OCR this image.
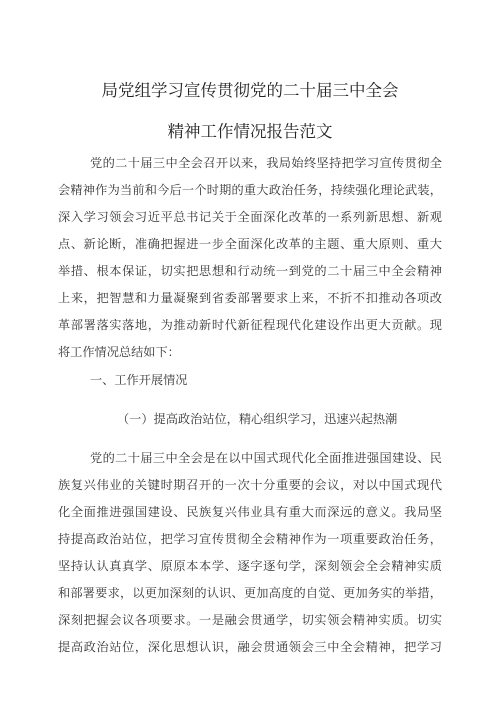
局党组学习宣传贯彻党的二十届三中全会
精神工作情况报告范文
党的二十届三中全会召开以来，我局始终坚持把学习宣传贯彻全
会精神作为当前和今后一个时期的重大政治任务，持续强化理论武装，
深入学习领会习近平总书记关于全面深化改革的一系列新思想、新观
点、新论断，准确把握进一步全面深化改革的主题、重大原则、重大
举措、根本保证，切实把思想和行动统一到党的二十届三中全会精神
上来，把智慧和力量凝聚到省委部署要求上来，不折不扣推动各项改
革部署落实落地，为推动新时代新征程现代化建设作出更大贡献。现
将工作情况总结如下：
一、工作开展情况
（一）提高政治站位，精心组织学习，迅速兴起热潮
党的二十届三中全会是在以中国式现代化全面推进强国建设、民
族复兴伟业的关键时期召开的一次十分重要的会议，对以中国式现代
化全面推进强国建设、民族复兴伟业具有重大而深远的意义。我局坚
持提高政治站位，把学习宣传贯彻全会精神作为一项重要政治任务，
坚持认认真真学、原原本本学、逐字逐句学，深刻领会全会精神实质
和部署要求，以更加深刻的认识、更加高度的自觉、更加务实的举措，
深刻把握会议各项要求。一是融会贯通学，切实领会精神实质。切实
提高政治站位，深化思想认识，融会贯通领会三中全会精神，把学习
